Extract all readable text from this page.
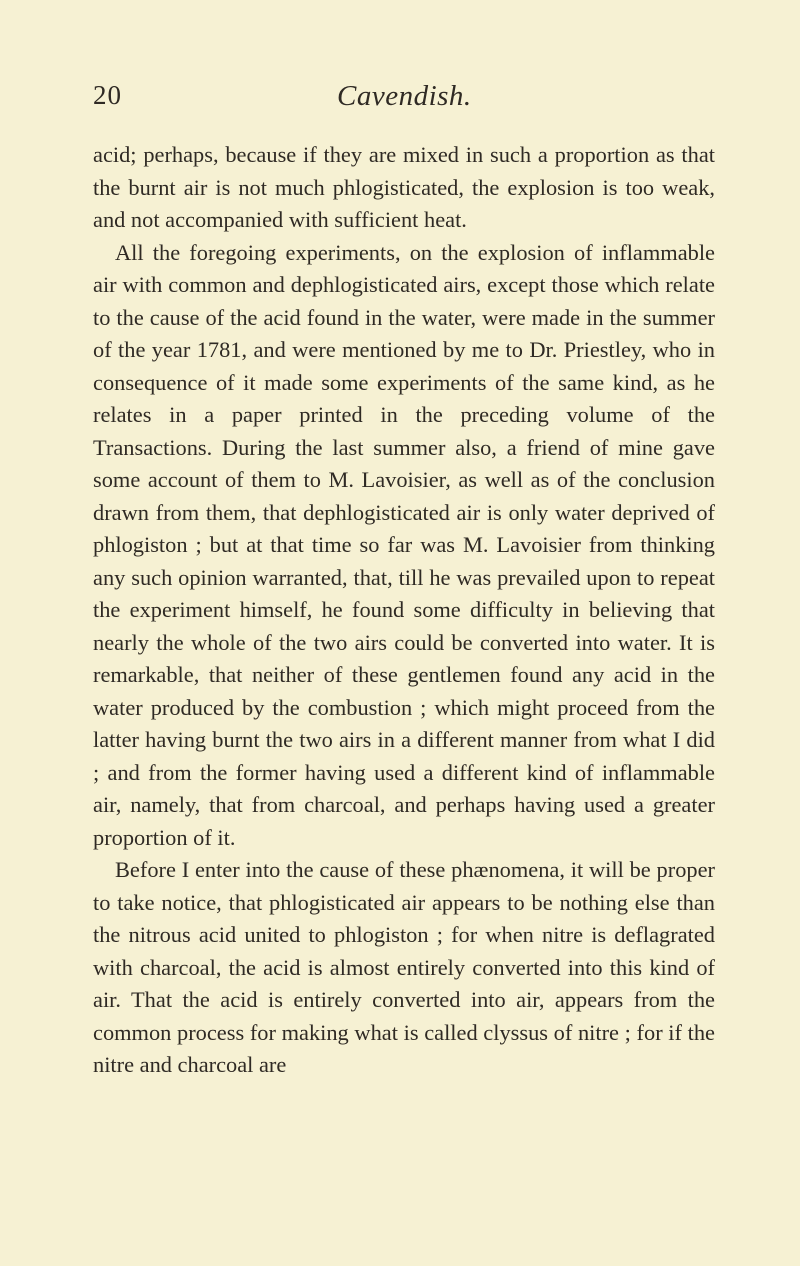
20	Cavendish.

acid; perhaps, because if they are mixed in such a proportion as that the burnt air is not much phlogisticated, the explosion is too weak, and not accompanied with sufficient heat.

All the foregoing experiments, on the explosion of inflammable air with common and dephlogisticated airs, except those which relate to the cause of the acid found in the water, were made in the summer of the year 1781, and were mentioned by me to Dr. Priestley, who in consequence of it made some experiments of the same kind, as he relates in a paper printed in the preceding volume of the Transactions. During the last summer also, a friend of mine gave some account of them to M. Lavoisier, as well as of the conclusion drawn from them, that dephlogisticated air is only water deprived of phlogiston ; but at that time so far was M. Lavoisier from thinking any such opinion warranted, that, till he was prevailed upon to repeat the experiment himself, he found some difficulty in believing that nearly the whole of the two airs could be converted into water. It is remarkable, that neither of these gentlemen found any acid in the water produced by the combustion ; which might proceed from the latter having burnt the two airs in a different manner from what I did ; and from the former having used a different kind of inflammable air, namely, that from charcoal, and perhaps having used a greater proportion of it.

Before I enter into the cause of these phænomena, it will be proper to take notice, that phlogisticated air appears to be nothing else than the nitrous acid united to phlogiston ; for when nitre is deflagrated with charcoal, the acid is almost entirely converted into this kind of air. That the acid is entirely converted into air, appears from the common process for making what is called clyssus of nitre ; for if the nitre and charcoal are
